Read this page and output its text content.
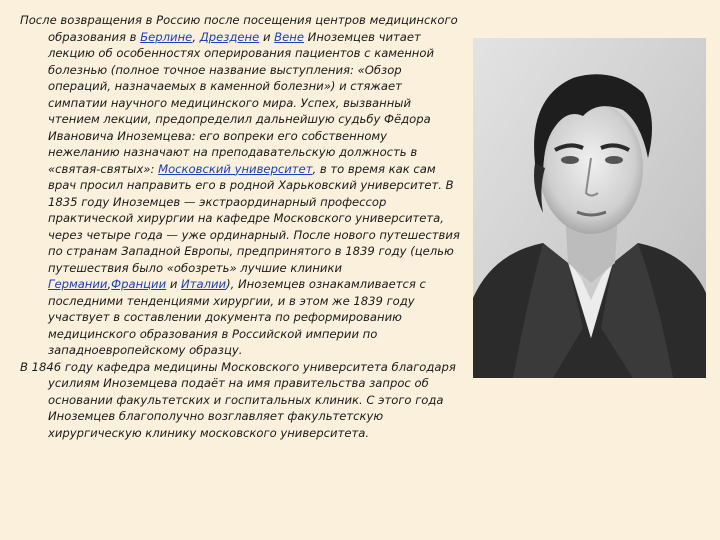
После возвращения в Россию после посещения центров медицинского образования в Берлине, Дрездене и Вене Иноземцев читает лекцию об особенностях оперирования пациентов с каменной болезнью (полное точное название выступления: «Обзор операций, назначаемых в каменной болезни») и стяжает симпатии научного медицинского мира. Успех, вызванный чтением лекции, предопределил дальнейшую судьбу Фёдора Ивановича Иноземцева: его вопреки его собственному нежеланию назначают на преподавательскую должность в «святая-святых»: Московский университет, в то время как сам врач просил направить его в родной Харьковский университет. В 1835 году Иноземцев — экстраординарный профессор практической хирургии на кафедре Московского университета, через четыре года — уже ординарный. После нового путешествия по странам Западной Европы, предпринятого в 1839 году (целью путешествия было «обозреть» лучшие клиники Германии,Франции и Италии), Иноземцев ознакамливается с последними тенденциями хирургии, и в этом же 1839 году участвует в составлении документа по реформированию медицинского образования в Российской империи по западноевропейскому образцу.

В 1846 году кафедра медицины Московского университета благодаря усилиям Иноземцева подаёт на имя правительства запрос об основании факультетских и госпитальных клиник. С этого года Иноземцев благополучно возглавляет факультетскую хирургическую клинику московского университета.
